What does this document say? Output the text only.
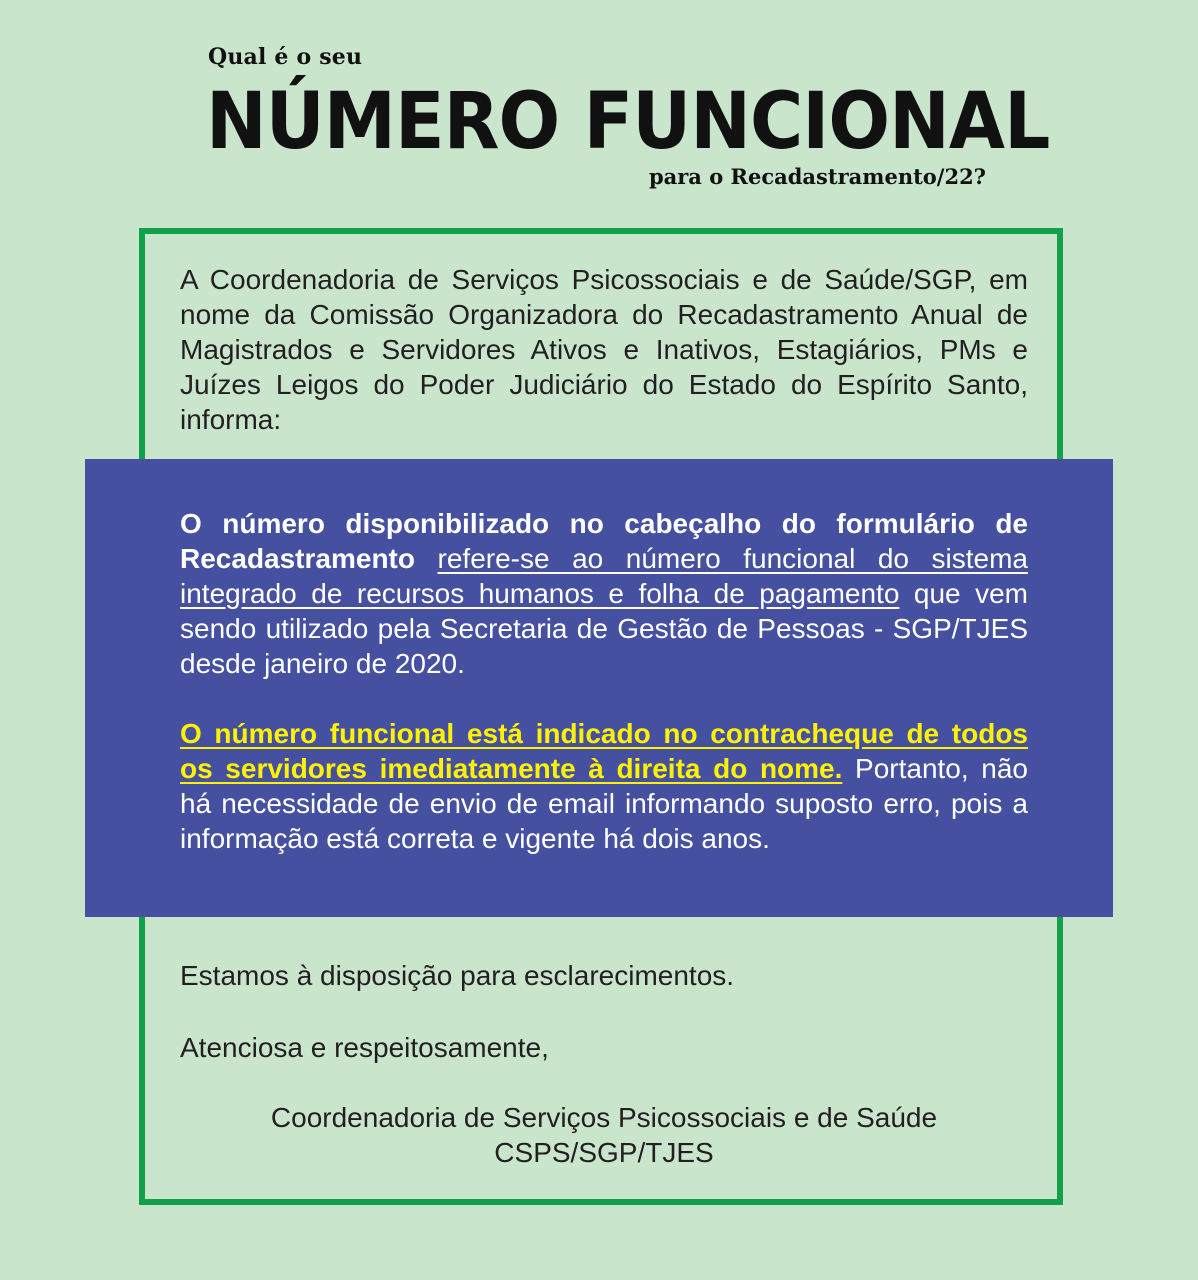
Qual é o seu
NÚMERO FUNCIONAL
para o Recadastramento/22?
A Coordenadoria de Serviços Psicossociais e de Saúde/SGP, em nome da Comissão Organizadora do Recadastramento Anual de Magistrados e Servidores Ativos e Inativos, Estagiários, PMs e Juízes Leigos do Poder Judiciário do Estado do Espírito Santo, informa:

O número disponibilizado no cabeçalho do formulário de Recadastramento refere-se ao número funcional do sistema integrado de recursos humanos e folha de pagamento que vem sendo utilizado pela Secretaria de Gestão de Pessoas - SGP/TJES desde janeiro de 2020.

O número funcional está indicado no contracheque de todos os servidores imediatamente à direita do nome. Portanto, não há necessidade de envio de email informando suposto erro, pois a informação está correta e vigente há dois anos.

Estamos à disposição para esclarecimentos.
Atenciosa e respeitosamente,
Coordenadoria de Serviços Psicossociais e de Saúde
CSPS/SGP/TJES
